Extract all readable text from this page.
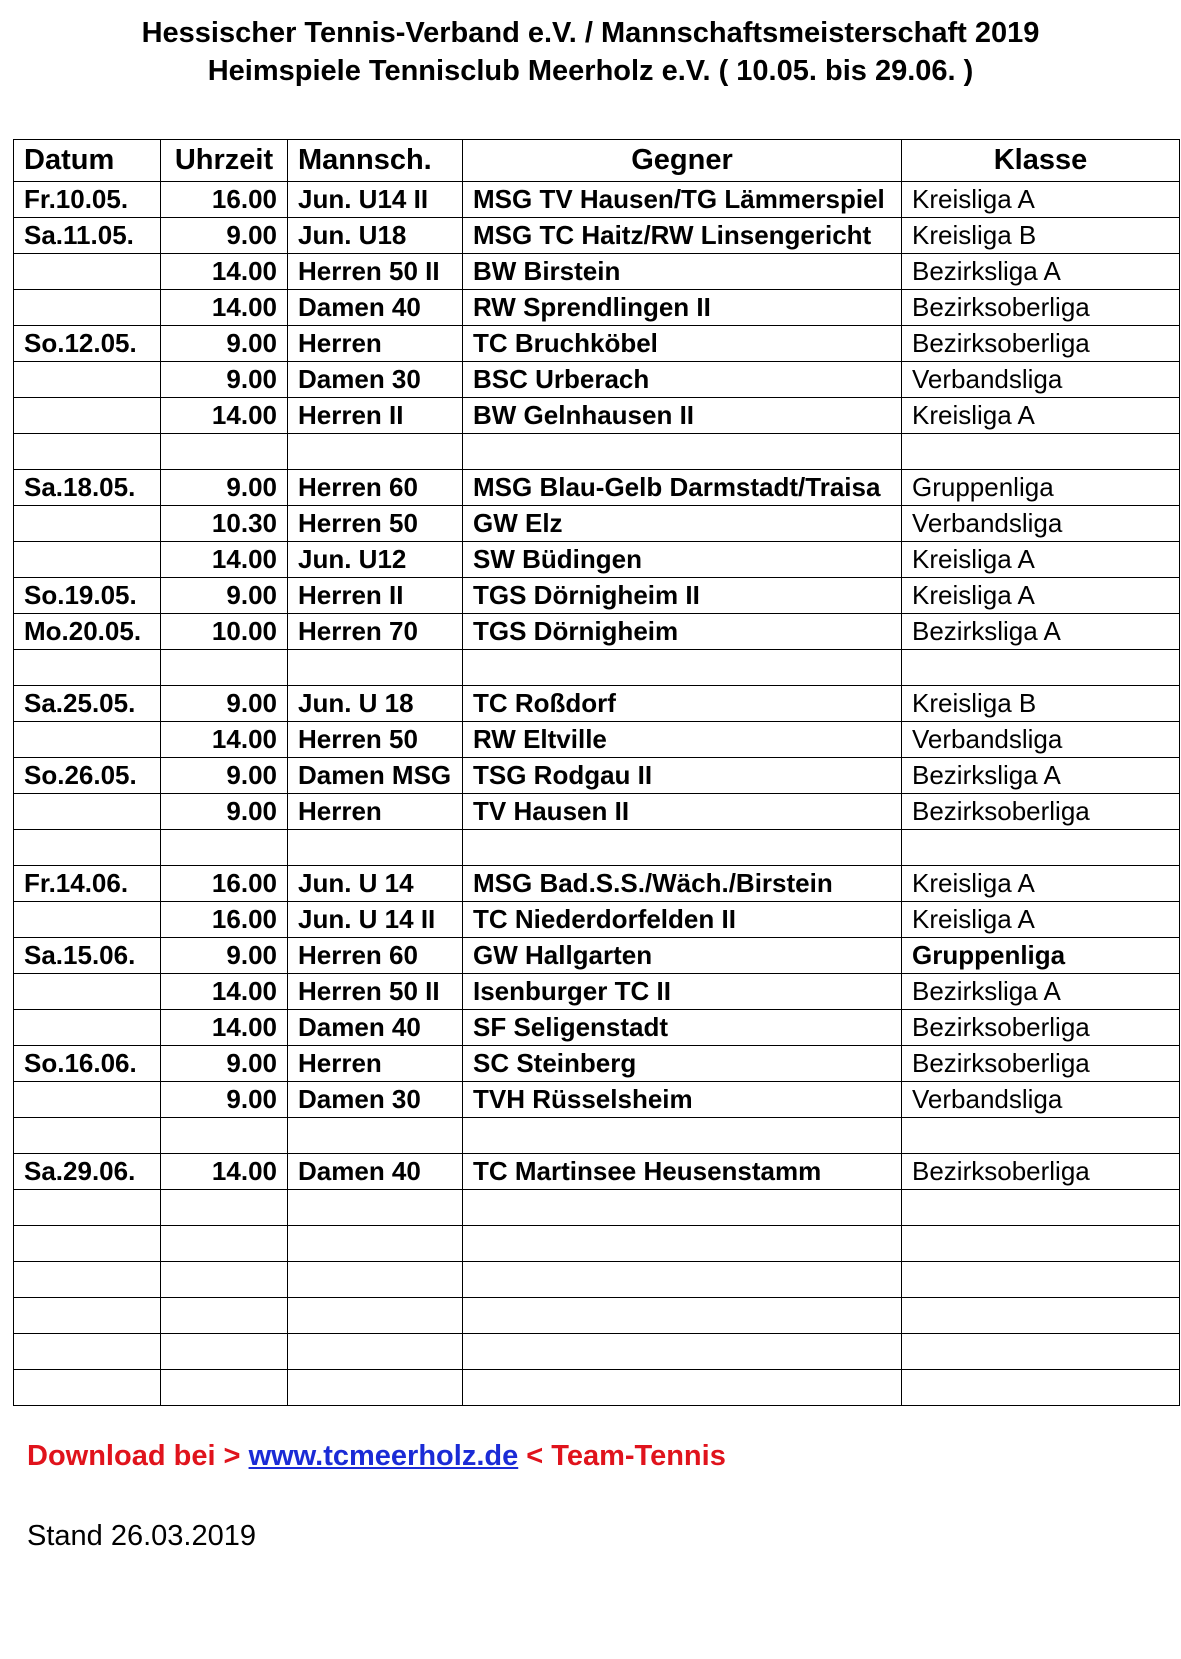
Hessischer Tennis-Verband e.V. / Mannschaftsmeisterschaft 2019
Heimspiele Tennisclub Meerholz e.V. ( 10.05. bis 29.06. )
Datum	Uhrzeit	Mannsch.	Gegner	Klasse
Fr.10.05.	16.00	Jun. U14 II	MSG TV Hausen/TG Lämmerspiel	Kreisliga A
Sa.11.05.	9.00	Jun. U18	MSG TC Haitz/RW Linsengericht	Kreisliga B
	14.00	Herren 50 II	BW Birstein	Bezirksliga A
	14.00	Damen 40	RW Sprendlingen II	Bezirksoberliga
So.12.05.	9.00	Herren	TC Bruchköbel	Bezirksoberliga
	9.00	Damen 30	BSC Urberach	Verbandsliga
	14.00	Herren II	BW Gelnhausen II	Kreisliga A

Sa.18.05.	9.00	Herren 60	MSG Blau-Gelb Darmstadt/Traisa	Gruppenliga
	10.30	Herren 50	GW Elz	Verbandsliga
	14.00	Jun. U12	SW Büdingen	Kreisliga A
So.19.05.	9.00	Herren II	TGS Dörnigheim II	Kreisliga A
Mo.20.05.	10.00	Herren 70	TGS Dörnigheim	Bezirksliga A

Sa.25.05.	9.00	Jun. U 18	TC Roßdorf	Kreisliga B
	14.00	Herren 50	RW Eltville	Verbandsliga
So.26.05.	9.00	Damen MSG	TSG Rodgau II	Bezirksliga A
	9.00	Herren	TV Hausen II	Bezirksoberliga

Fr.14.06.	16.00	Jun. U 14	MSG Bad.S.S./Wäch./Birstein	Kreisliga A
	16.00	Jun. U 14 II	TC Niederdorfelden II	Kreisliga A
Sa.15.06.	9.00	Herren 60	GW Hallgarten	Gruppenliga
	14.00	Herren 50 II	Isenburger TC II	Bezirksliga A
	14.00	Damen 40	SF Seligenstadt	Bezirksoberliga
So.16.06.	9.00	Herren	SC Steinberg	Bezirksoberliga
	9.00	Damen 30	TVH Rüsselsheim	Verbandsliga

Sa.29.06.	14.00	Damen 40	TC Martinsee Heusenstamm	Bezirksoberliga

Download bei > www.tcmeerholz.de < Team-Tennis
Stand 26.03.2019
